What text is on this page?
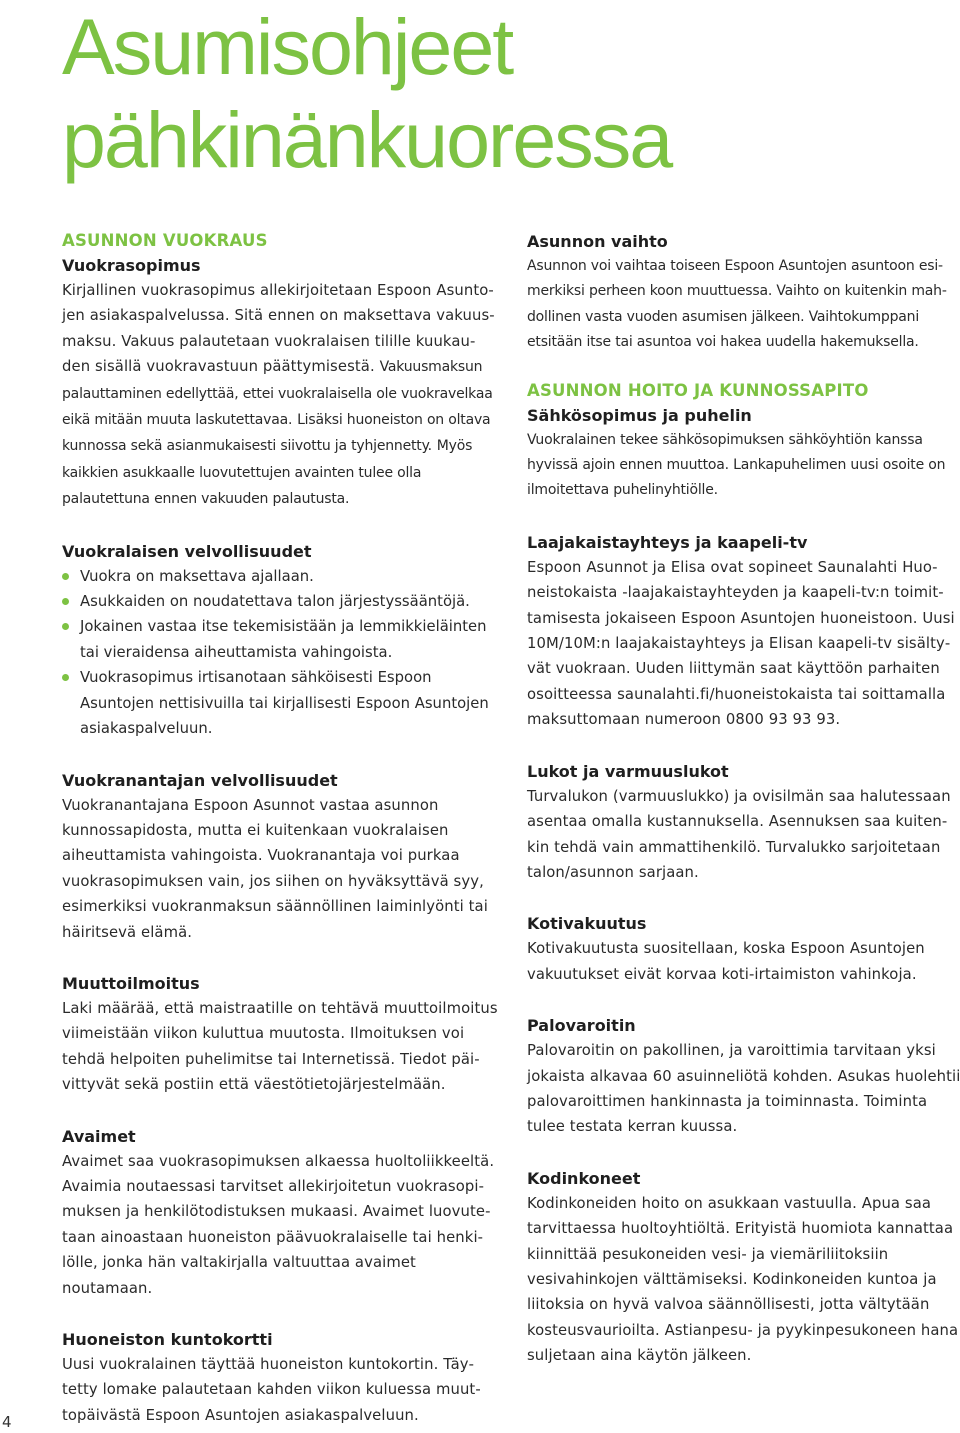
Asumisohjeet
pähkinänkuoressa
ASUNNON VUOKRAUS
Vuokrasopimus

Kirjallinen vuokrasopimus allekirjoitetaan Espoon Asuntojen asiakaspalvelussa. Sitä ennen on maksettava vakuusmaksu. Vakuus palautetaan vuokralaisen tilille kuukauden sisällä vuokravastuun päättymisestä. Vakuusmaksun palauttaminen edellyttää, ettei vuokralaisella ole vuokravelkaa eikä mitään muuta laskutettavaa. Lisäksi huoneiston on oltava kunnossa sekä asianmukaisesti siivottu ja tyhjennetty. Myös kaikkien asukkaalle luovutettujen avainten tulee olla palautettuna ennen vakuuden palautusta.

Vuokralaisen velvollisuudet
Vuokra on maksettava ajallaan.
Asukkaiden on noudatettava talon järjestyssääntöjä.
Jokainen vastaa itse tekemisistään ja lemmikkieläinten tai vieraidensa aiheuttamista vahingoista.
Vuokrasopimus irtisanotaan sähköisesti Espoon Asuntojen nettisivuilla tai kirjallisesti Espoon Asuntojen asiakaspalveluun.
Vuokranantajan velvollisuudet

Vuokranantajana Espoon Asunnot vastaa asunnon kunnossapidosta, mutta ei kuitenkaan vuokralaisen aiheuttamista vahingoista. Vuokranantaja voi purkaa vuokrasopimuksen vain, jos siihen on hyväksyttävä syy, esimerkiksi vuokranmaksun säännöllinen laiminlyönti tai häiritsevä elämä.

Muuttoilmoitus

Laki määrää, että maistraatille on tehtävä muuttoilmoitus viimeistään viikon kuluttua muutosta. Ilmoituksen voi tehdä helpoiten puhelimitse tai Internetissä. Tiedot päivittyvät sekä postiin että väestötietojärjestelmään.

Avaimet

Avaimet saa vuokrasopimuksen alkaessa huoltoliikkeeltä. Avaimia noutaessasi tarvitset allekirjoitetun vuokrasopimuksen ja henkilötodistuksen mukaasi. Avaimet luovutetaan ainoastaan huoneiston päävuokralaiselle tai henkilölle, jonka hän valtakirjalla valtuuttaa avaimet noutamaan.

Huoneiston kuntokortti

Uusi vuokralainen täyttää huoneiston kuntokortin. Täytetty lomake palautetaan kahden viikon kuluessa muuttopäivästä Espoon Asuntojen asiakaspalveluun.

Asunnon vaihto

Asunnon voi vaihtaa toiseen Espoon Asuntojen asuntoon esimerkiksi perheen koon muuttuessa. Vaihto on kuitenkin mahdollinen vasta vuoden asumisen jälkeen. Vaihtokumppani etsitään itse tai asuntoa voi hakea uudella hakemuksella.

ASUNNON HOITO JA KUNNOSSAPITO
Sähkösopimus ja puhelin

Vuokralainen tekee sähkösopimuksen sähköyhtiön kanssa hyvissä ajoin ennen muuttoa. Lankapuhelimen uusi osoite on ilmoitettava puhelinyhtiölle.

Laajakaistayhteys ja kaapeli-tv

Espoon Asunnot ja Elisa ovat sopineet Saunalahti Huoneistokaista -laajakaistayhteyden ja kaapeli-tv:n toimittamisesta jokaiseen Espoon Asuntojen huoneistoon. Uusi 10M/10M:n laajakaistayhteys ja Elisan kaapeli-tv sisältyvät vuokraan. Uuden liittymän saat käyttöön parhaiten osoitteessa saunalahti.fi/huoneistokaista tai soittamalla maksuttomaan numeroon 0800 93 93 93.

Lukot ja varmuuslukot

Turvalukon (varmuuslukko) ja ovisilmän saa halutessaan asentaa omalla kustannuksella. Asennuksen saa kuitenkin tehdä vain ammattihenkilö. Turvalukko sarjoitetaan talon/asunnon sarjaan.

Kotivakuutus

Kotivakuutusta suositellaan, koska Espoon Asuntojen vakuutukset eivät korvaa koti-irtaimiston vahinkoja.

Palovaroitin

Palovaroitin on pakollinen, ja varoittimia tarvitaan yksi jokaista alkavaa 60 asuinneliötä kohden. Asukas huolehtii palovaroittimen hankinnasta ja toiminnasta. Toiminta tulee testata kerran kuussa.

Kodinkoneet

Kodinkoneiden hoito on asukkaan vastuulla. Apua saa tarvittaessa huoltoyhtiöltä. Erityistä huomiota kannattaa kiinnittää pesukoneiden vesi- ja viemäriliitoksiin vesivahinkojen välttämiseksi. Kodinkoneiden kuntoa ja liitoksia on hyvä valvoa säännöllisesti, jotta vältytään kosteusvaurioilta. Astianpesu- ja pyykinpesukoneen hana suljetaan aina käytön jälkeen.

4
